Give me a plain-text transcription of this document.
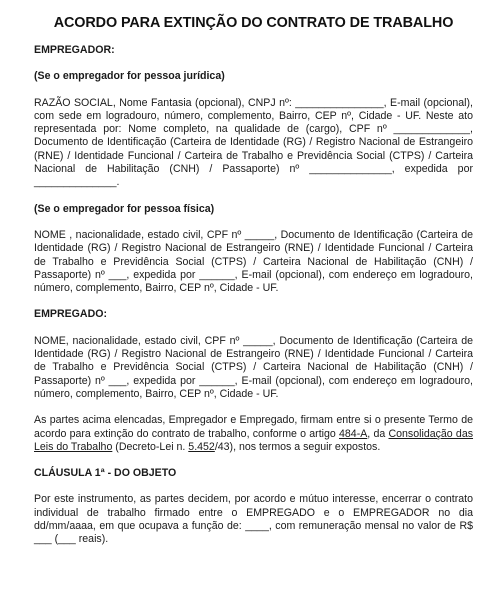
ACORDO PARA EXTINÇÃO DO CONTRATO DE TRABALHO
EMPREGADOR:
(Se o empregador for pessoa jurídica)
RAZÃO SOCIAL, Nome Fantasia (opcional), CNPJ nº: _______________, E-mail (opcional), com sede em logradouro, número, complemento, Bairro, CEP nº, Cidade - UF. Neste ato representada por: Nome completo, na qualidade de (cargo), CPF nº _____________, Documento de Identificação (Carteira de Identidade (RG) / Registro Nacional de Estrangeiro (RNE) / Identidade Funcional / Carteira de Trabalho e Previdência Social (CTPS) / Carteira Nacional de Habilitação (CNH) / Passaporte) nº ______________, expedida por ______________.
(Se o empregador for pessoa física)
NOME , nacionalidade, estado civil, CPF nº _____, Documento de Identificação (Carteira de Identidade (RG) / Registro Nacional de Estrangeiro (RNE) / Identidade Funcional / Carteira de Trabalho e Previdência Social (CTPS) / Carteira Nacional de Habilitação (CNH) / Passaporte) nº ___, expedida por ______, E-mail (opcional), com endereço em logradouro, número, complemento, Bairro, CEP nº, Cidade - UF.
EMPREGADO:
NOME, nacionalidade, estado civil, CPF nº _____, Documento de Identificação (Carteira de Identidade (RG) / Registro Nacional de Estrangeiro (RNE) / Identidade Funcional / Carteira de Trabalho e Previdência Social (CTPS) / Carteira Nacional de Habilitação (CNH) / Passaporte) nº ___, expedida por ______, E-mail (opcional), com endereço em logradouro, número, complemento, Bairro, CEP nº, Cidade - UF.
As partes acima elencadas, Empregador e Empregado, firmam entre si o presente Termo de acordo para extinção do contrato de trabalho, conforme o artigo 484-A, da Consolidação das Leis do Trabalho (Decreto-Lei n. 5.452/43), nos termos a seguir expostos.
CLÁUSULA 1ª - DO OBJETO
Por este instrumento, as partes decidem, por acordo e mútuo interesse, encerrar o contrato individual de trabalho firmado entre o EMPREGADO e o EMPREGADOR no dia dd/mm/aaaa, em que ocupava a função de: ____, com remuneração mensal no valor de R$ ___ (___ reais).
